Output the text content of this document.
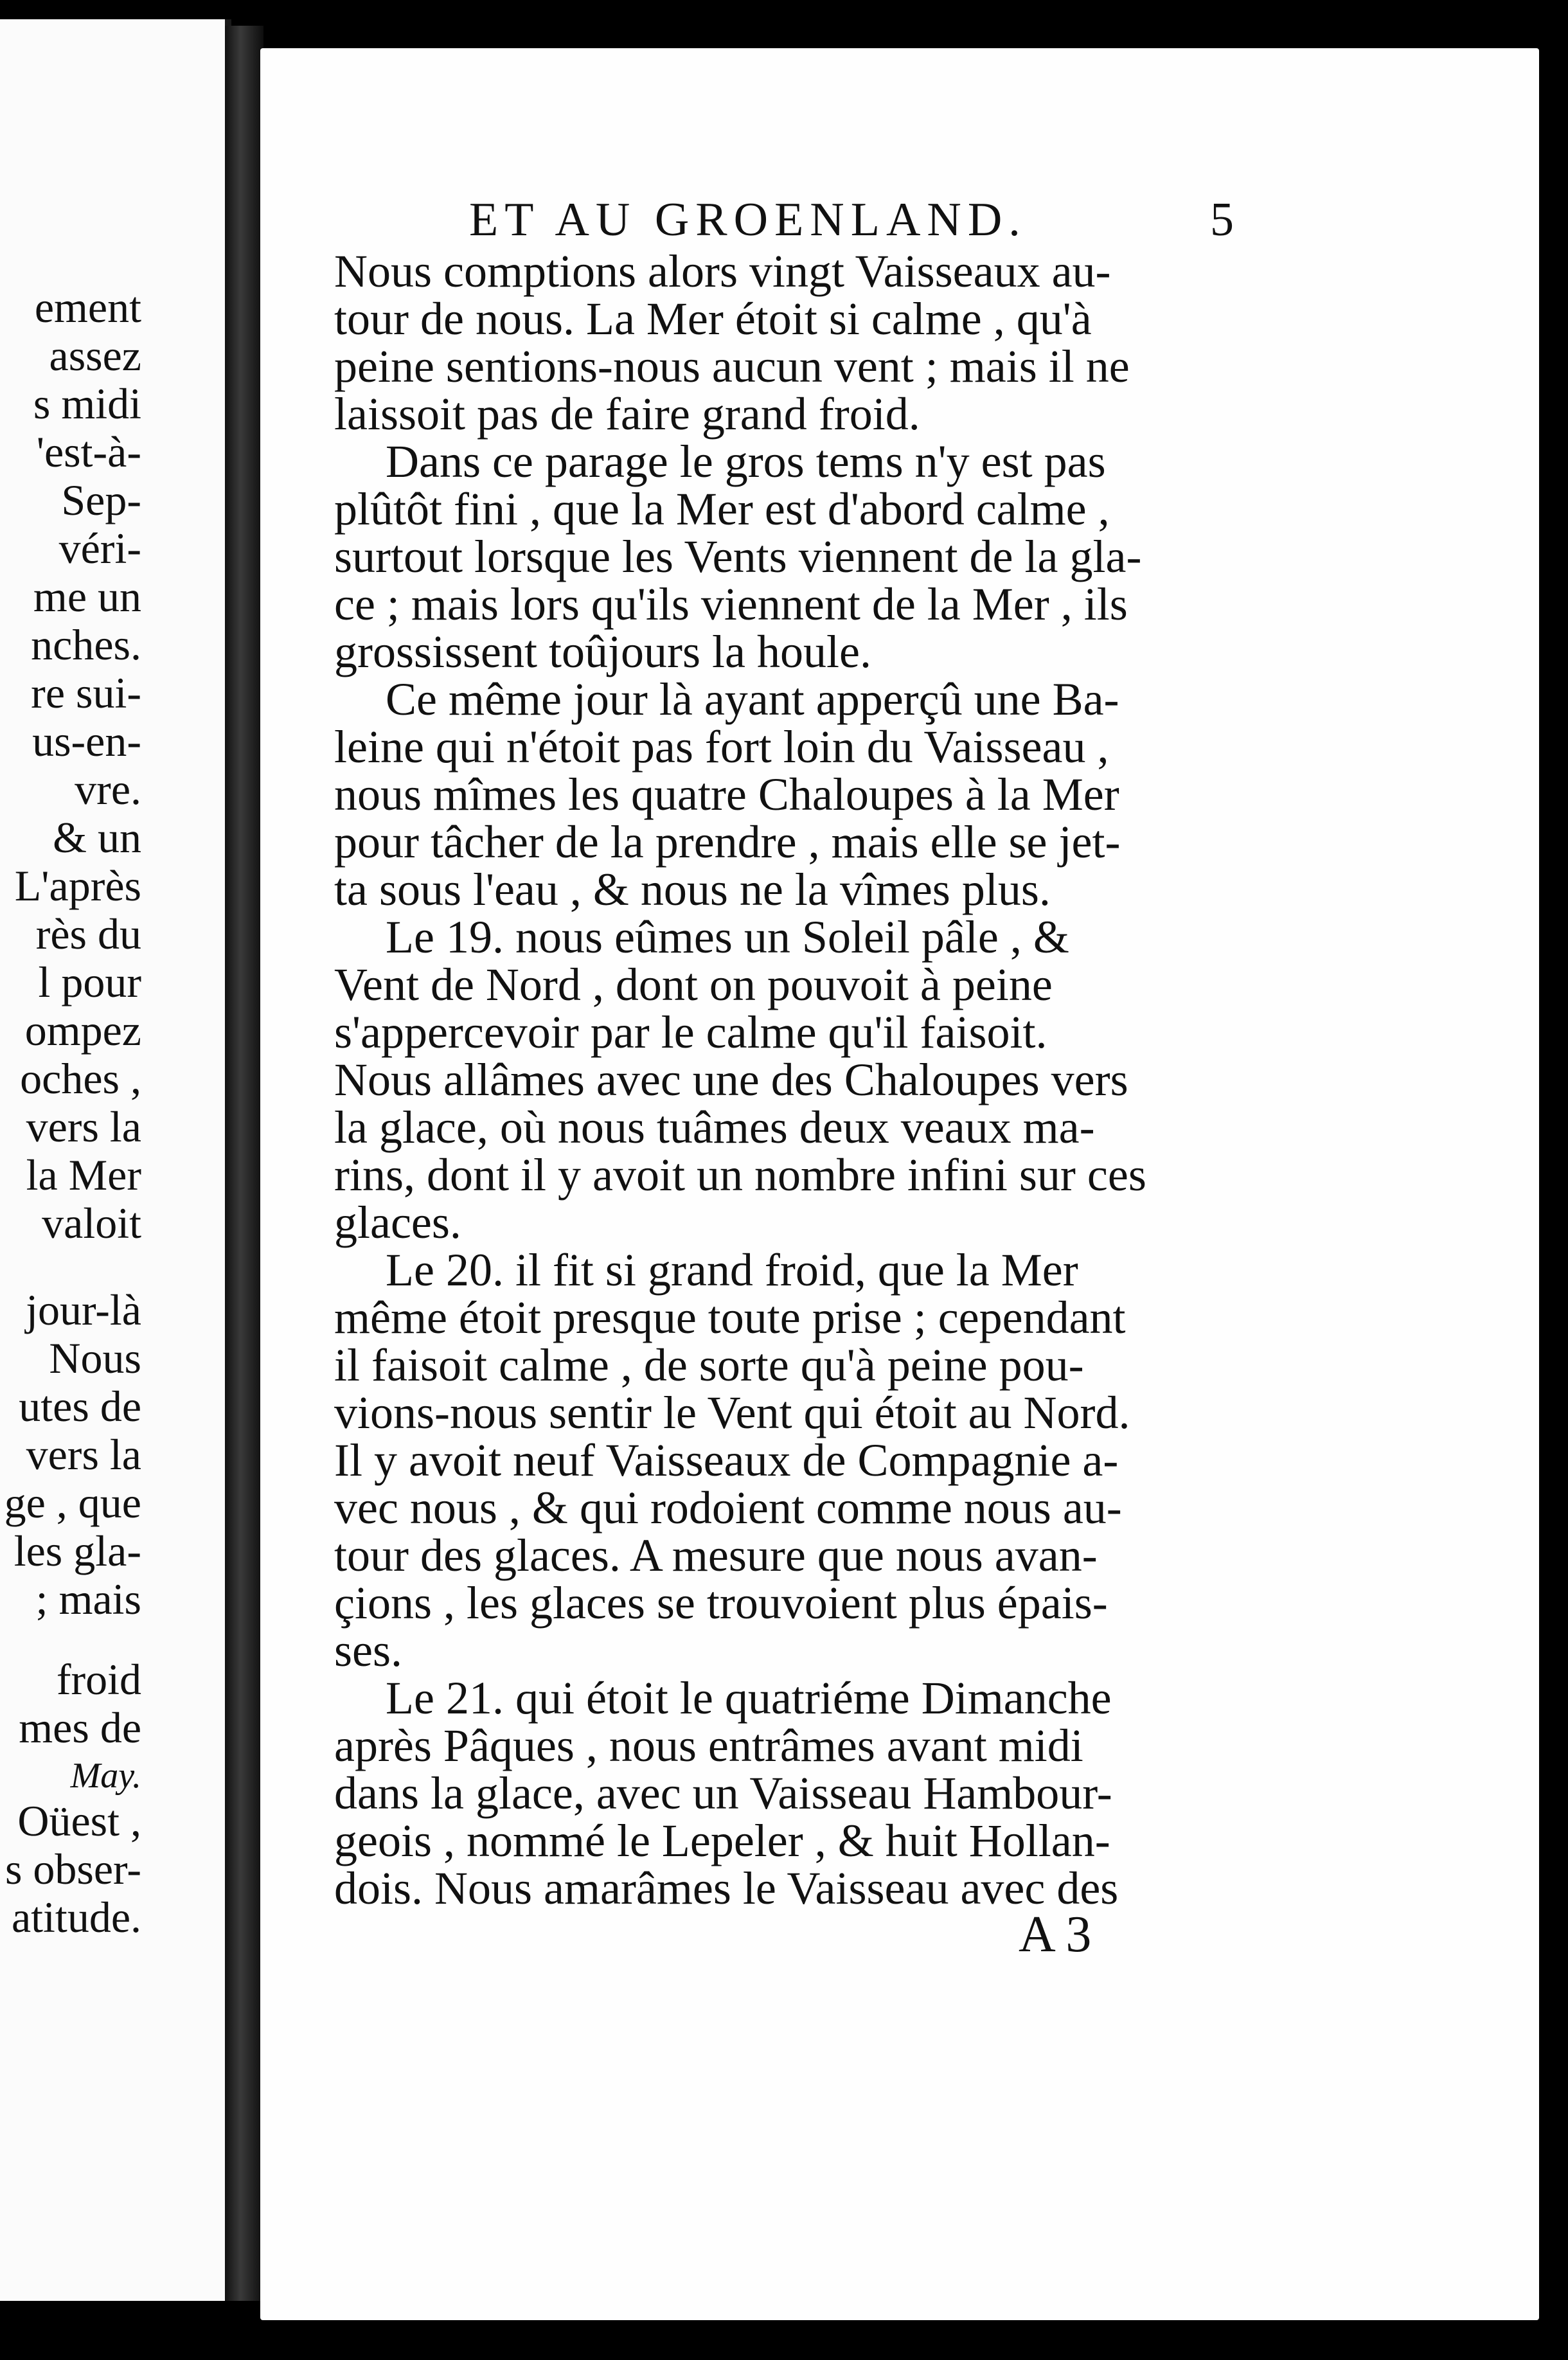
ement

assez

s midi

'est-à-

Sep-

véri-

me un

nches.

re sui-

us-en-

vre.

& un

L'après

rès du

l pour

ompez

oches ,

vers la

la Mer

valoit

jour-là

Nous

utes de

vers la

ge , que

les gla-

; mais

froid

mes de

May.

Oüest ,

s obser-

atitude.

ET AU GROENLAND.	5

Nous comptions alors vingt Vaisseaux au-

tour de nous. La Mer étoit si calme , qu'à

peine sentions-nous aucun vent ; mais il ne

laissoit pas de faire grand froid.

Dans ce parage le gros tems n'y est pas

plûtôt fini , que la Mer est d'abord calme ,

surtout lorsque les Vents viennent de la gla-

ce ; mais lors qu'ils viennent de la Mer , ils

grossissent toûjours la houle.

Ce même jour là ayant apperçû une Ba-

leine qui n'étoit pas fort loin du Vaisseau ,

nous mîmes les quatre Chaloupes à la Mer

pour tâcher de la prendre , mais elle se jet-

ta sous l'eau , & nous ne la vîmes plus.

Le 19. nous eûmes un Soleil pâle , &

Vent de Nord , dont on pouvoit à peine

s'appercevoir par le calme qu'il faisoit.

Nous allâmes avec une des Chaloupes vers

la glace, où nous tuâmes deux veaux ma-

rins, dont il y avoit un nombre infini sur ces

glaces.

Le 20. il fit si grand froid, que la Mer

même étoit presque toute prise ; cependant

il faisoit calme , de sorte qu'à peine pou-

vions-nous sentir le Vent qui étoit au Nord.

Il y avoit neuf Vaisseaux de Compagnie a-

vec nous , & qui rodoient comme nous au-

tour des glaces. A mesure que nous avan-

çions , les glaces se trouvoient plus épais-

ses.

Le 21. qui étoit le quatriéme Dimanche

après Pâques , nous entrâmes avant midi

dans la glace, avec un Vaisseau Hambour-

geois , nommé le Lepeler , & huit Hollan-

dois. Nous amarâmes le Vaisseau avec des

A 3
